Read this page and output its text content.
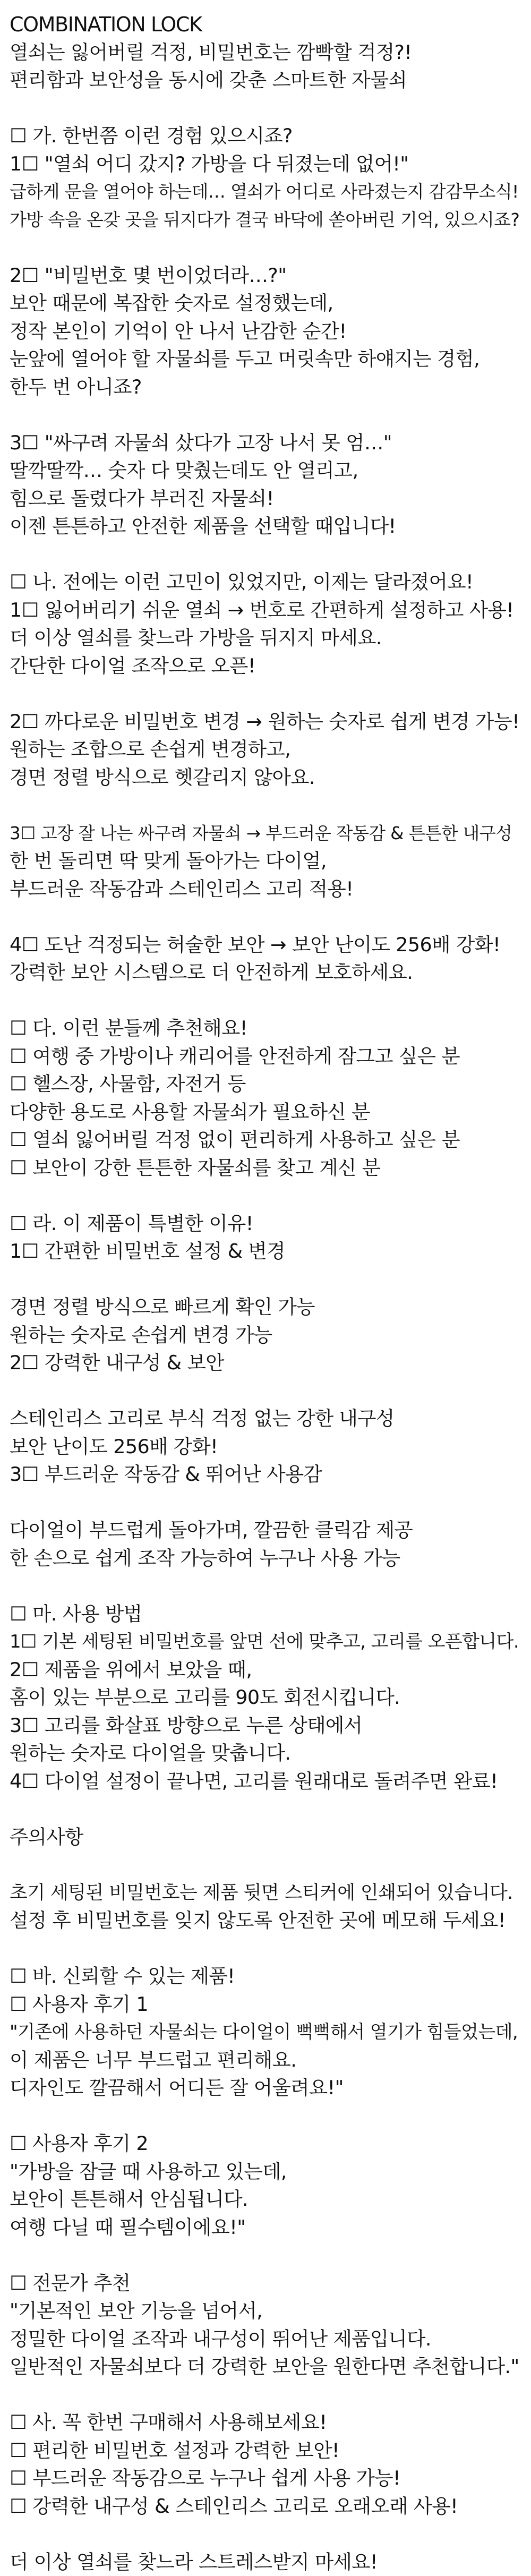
COMBINATION LOCK
열쇠는 잃어버릴 걱정, 비밀번호는 깜빡할 걱정?!
편리함과 보안성을 동시에 갖춘 스마트한 자물쇠
☐ 가. 한번쯤 이런 경험 있으시죠?
1☐ "열쇠 어디 갔지? 가방을 다 뒤졌는데 없어!"
급하게 문을 열어야 하는데… 열쇠가 어디로 사라졌는지 감감무소식!
가방 속을 온갖 곳을 뒤지다가 결국 바닥에 쏟아버린 기억, 있으시죠?
2☐ "비밀번호 몇 번이었더라…?"
보안 때문에 복잡한 숫자로 설정했는데,
정작 본인이 기억이 안 나서 난감한 순간!
눈앞에 열어야 할 자물쇠를 두고 머릿속만 하얘지는 경험,
한두 번 아니죠?
3☐ "싸구려 자물쇠 샀다가 고장 나서 못 엄…"
딸깍딸깍… 숫자 다 맞췄는데도 안 열리고,
힘으로 돌렸다가 부러진 자물쇠!
이젠 튼튼하고 안전한 제품을 선택할 때입니다!
☐ 나. 전에는 이런 고민이 있었지만, 이제는 달라졌어요!
1☐ 잃어버리기 쉬운 열쇠 → 번호로 간편하게 설정하고 사용!
더 이상 열쇠를 찾느라 가방을 뒤지지 마세요.
간단한 다이얼 조작으로 오픈!
2☐ 까다로운 비밀번호 변경 → 원하는 숫자로 쉽게 변경 가능!
원하는 조합으로 손쉽게 변경하고,
경면 정렬 방식으로 헷갈리지 않아요.
3☐ 고장 잘 나는 싸구려 자물쇠 → 부드러운 작동감 & 튼튼한 내구성
한 번 돌리면 딱 맞게 돌아가는 다이얼,
부드러운 작동감과 스테인리스 고리 적용!
4☐ 도난 걱정되는 허술한 보안 → 보안 난이도 256배 강화!
강력한 보안 시스템으로 더 안전하게 보호하세요.
☐ 다. 이런 분들께 추천해요!
☐ 여행 중 가방이나 캐리어를 안전하게 잠그고 싶은 분
☐ 헬스장, 사물함, 자전거 등
다양한 용도로 사용할 자물쇠가 필요하신 분
☐ 열쇠 잃어버릴 걱정 없이 편리하게 사용하고 싶은 분
☐ 보안이 강한 튼튼한 자물쇠를 찾고 계신 분
☐ 라. 이 제품이 특별한 이유!
1☐ 간편한 비밀번호 설정 & 변경
경면 정렬 방식으로 빠르게 확인 가능
원하는 숫자로 손쉽게 변경 가능
2☐ 강력한 내구성 & 보안
스테인리스 고리로 부식 걱정 없는 강한 내구성
보안 난이도 256배 강화!
3☐ 부드러운 작동감 & 뛰어난 사용감
다이얼이 부드럽게 돌아가며, 깔끔한 클릭감 제공
한 손으로 쉽게 조작 가능하여 누구나 사용 가능
☐ 마. 사용 방법
1☐ 기본 세팅된 비밀번호를 앞면 선에 맞추고, 고리를 오픈합니다.
2☐ 제품을 위에서 보았을 때,
홈이 있는 부분으로 고리를 90도 회전시킵니다.
3☐ 고리를 화살표 방향으로 누른 상태에서
원하는 숫자로 다이얼을 맞춥니다.
4☐ 다이얼 설정이 끝나면, 고리를 원래대로 돌려주면 완료!
주의사항
초기 세팅된 비밀번호는 제품 뒷면 스티커에 인쇄되어 있습니다.
설정 후 비밀번호를 잊지 않도록 안전한 곳에 메모해 두세요!
☐ 바. 신뢰할 수 있는 제품!
☐ 사용자 후기 1
"기존에 사용하던 자물쇠는 다이얼이 뻑뻑해서 열기가 힘들었는데,
이 제품은 너무 부드럽고 편리해요.
디자인도 깔끔해서 어디든 잘 어울려요!"
☐ 사용자 후기 2
"가방을 잠글 때 사용하고 있는데,
보안이 튼튼해서 안심됩니다.
여행 다닐 때 필수템이에요!"
☐ 전문가 추천
"기본적인 보안 기능을 넘어서,
정밀한 다이얼 조작과 내구성이 뛰어난 제품입니다.
일반적인 자물쇠보다 더 강력한 보안을 원한다면 추천합니다."
☐ 사. 꼭 한번 구매해서 사용해보세요!
☐ 편리한 비밀번호 설정과 강력한 보안!
☐ 부드러운 작동감으로 누구나 쉽게 사용 가능!
☐ 강력한 내구성 & 스테인리스 고리로 오래오래 사용!
더 이상 열쇠를 찾느라 스트레스받지 마세요!
